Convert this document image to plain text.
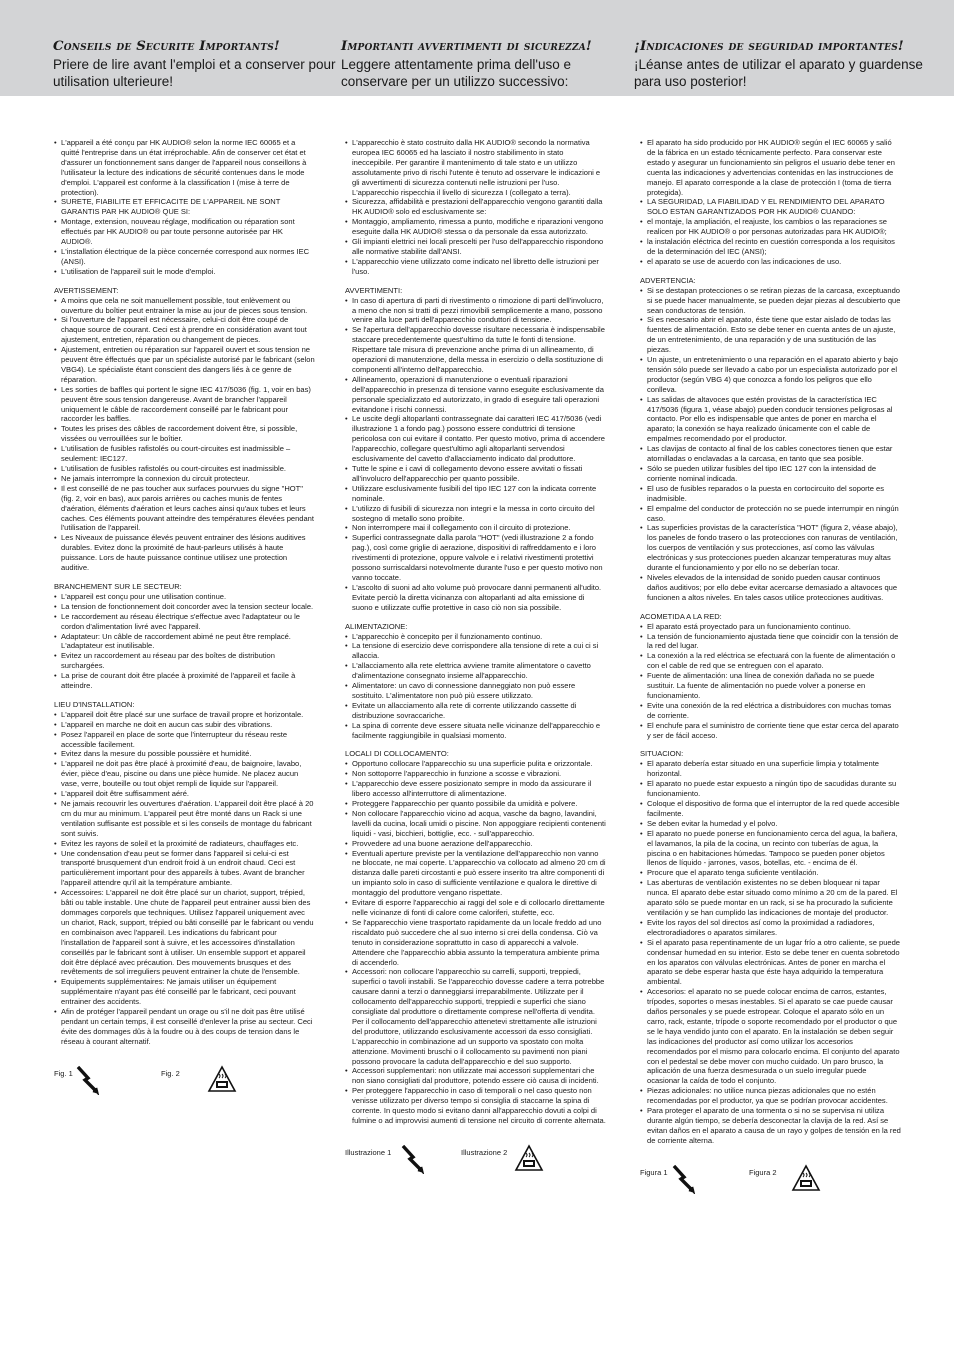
Conseils de Securite Importants!
Priere de lire avant l'emploi et a conserver pour utilisation ulterieure!
Importanti avvertimenti di sicurezza!
Leggere attentamente prima dell'uso e conservare per un utilizzo successivo:
¡Indicaciones de seguridad importantes!
¡Léanse antes de utilizar el aparato y guardense para uso posterior!
• L'appareil a été conçu par HK AUDIO® selon la norme IEC 60065 et a quitté l'entreprise dans un état irréprochable. Afin de conserver cet état et d'assurer un fonctionnement sans danger de l'appareil nous conseillons à l'utilisateur la lecture des indications de sécurité contenues dans le mode d'emploi. L'appareil est conforme à la classification I (mise à terre de protection).
• SURETE, FIABILITE ET EFFICACITE DE L'APPAREIL NE SONT GARANTIS PAR HK AUDIO® QUE SI:
• Montage, extension, nouveau réglage, modification ou réparation sont effectués par HK AUDIO® ou par toute personne autorisée par HK AUDIO®.
• L'installation électrique de la pièce concernée correspond aux normes IEC (ANSI).
• L'utilisation de l'appareil suit le mode d'emploi.
AVERTISSEMENT:
• A moins que cela ne soit manuellement possible, tout enlèvement ou ouverture du boîtier peut entrainer la mise au jour de pieces sous tension.
• Si l'ouverture de l'appareil est nécessaire, celui-ci doit être coupé de chaque source de courant. Ceci est à prendre en considération avant tout ajustement, entretien, réparation ou changement de pieces.
• Ajustement, entretien ou réparation sur l'appareil ouvert et sous tension ne peuvent être éffectués que par un spécialiste autorisé par le fabricant (selon VBG4). Le spécialiste étant conscient des dangers liés à ce genre de réparation.
• Les sorties de baffles qui portent le signe IEC 417/5036 (fig. 1, voir en bas) peuvent être sous tension dangereuse. Avant de brancher l'appareil uniquement le câble de raccordement conseillé par le fabricant pour raccorder les baffles.
• Toutes les prises des câbles de raccordement doivent être, si possible, vissées ou verrouillées sur le boîtier.
• L'utilisation de fusibles rafistolés ou court-circuites est inadmissible – seulement: IEC127.
• L'utilisation de fusibles rafistolés ou court-circuites est inadmissible.
• Ne jamais interrompre la connexion du circuit protecteur.
• Il est conseillé de ne pas toucher aux surfaces pourvues du signe "HOT" (fig. 2, voir en bas), aux parois arrières ou caches munis de fentes d'aération, éléments d'aération et leurs caches ainsi qu'aux tubes et leurs caches. Ces éléments pouvant atteindre des températures élevées pendant l'utilisation de l'appareil.
• Les Niveaux de puissance élevés peuvent entrainer des lésions auditives durables. Evitez donc la proximité de haut-parleurs utilisés à haute puissance. Lors de haute puissance continue utilisez une protection auditive.
BRANCHEMENT SUR LE SECTEUR:
• L'appareil est conçu pour une utilisation continue.
• La tension de fonctionnement doit concorder avec la tension secteur locale.
• Le raccordement au réseau électrique s'effectue avec l'adaptateur ou le cordon d'alimentation livré avec l'appareil.
• Adaptateur: Un câble de raccordement abimé ne peut être remplacé. L'adaptateur est inutilisable.
• Evitez un raccordement au réseau par des boîtes de distribution surchargées.
• La prise de courant doit être placée à proximité de l'appareil et facile à atteindre.
LIEU D'INSTALLATION:
• L'appareil doit être placé sur une surface de travail propre et horizontale.
• L'appareil en marche ne doit en aucun cas subir des vibrations.
• Posez l'appareil en place de sorte que l'interrupteur du réseau reste accessible facilement.
• Evitez dans la mesure du possible poussière et humidité.
• L'appareil ne doit pas être placé à proximité d'eau, de baignoire, lavabo, évier, pièce d'eau, piscine ou dans une pièce humide. Ne placez aucun vase, verre, bouteille ou tout objet rempli de liquide sur l'appareil.
• L'appareil doit être suffisamment aéré.
• Ne jamais recouvrir les ouvertures d'aération. L'appareil doit être placé à 20 cm du mur au minimum. L'appareil peut être monté dans un Rack si une ventilation suffisante est possible et si les conseils de montage du fabricant sont suivis.
• Evitez les rayons de soleil et la proximité de radiateurs, chauffages etc.
• Une condensation d'eau peut se former dans l'appareil si celui-ci est transporté brusquement d'un endroit froid à un endroit chaud. Ceci est particulièrement important pour des appareils à tubes. Avant de brancher l'appareil attendre qu'il ait la température ambiante.
• Accessoires: L'appareil ne doit être placé sur un chariot, support, trépied, bâti ou table instable. Une chute de l'appareil peut entrainer aussi bien des dommages corporels que techniques. Utilisez l'appareil uniquement avec un chariot, Rack, support, trépied ou bâti conseillé par le fabricant ou vendu en combinaison avec l'appareil. Les indications du fabricant pour l'installation de l'appareil sont à suivre, et les accessoires d'installation conseillés par le fabricant sont à utiliser. Un ensemble support et appareil doit être déplacé avec précaution. Des mouvements brusques et des revêtements de sol irreguliers peuvent entrainer la chute de l'ensemble.
• Equipements supplémentaires: Ne jamais utiliser un équipement supplémentaire n'ayant pas été conseillé par le fabricant, ceci pouvant entrainer des accidents.
• Afin de protéger l'appareil pendant un orage ou s'il ne doit pas être utilisé pendant un certain temps, il est conseillé d'enlever la prise au secteur. Ceci évite des dommages dûs à la foudre ou à des coups de tension dans le réseau à courant alternatif.
Fig. 1	Fig. 2
• L'apparecchio è stato costruito dalla HK AUDIO® secondo la normativa europea IEC 60065 ed ha lasciato il nostro stabilimento in stato ineccepibile. Per garantire il mantenimento di tale stato e un utilizzo assolutamente privo di rischi l'utente è tenuto ad osservare le indicazioni e gli avvertimenti di sicurezza contenuti nelle istruzioni per l'uso. L'apparecchio rispecchia il livello di sicurezza I (collegato a terra).
• Sicurezza, affidabilità e prestazioni dell'apparecchio vengono garantiti dalla HK AUDIO® solo ed esclusivamente se:
• Montaggio, ampliamento, rimessa a punto, modifiche e riparazioni vengono eseguite dalla HK AUDIO® stessa o da personale da essa autorizzato.
• Gli impianti elettrici nei locali prescelti per l'uso dell'apparecchio rispondono alle normative stabilite dall'ANSI.
• L'apparecchio viene utilizzato come indicato nel libretto delle istruzioni per l'uso.
AVVERTIMENTI:
• In caso di apertura di parti di rivestimento o rimozione di parti dell'involucro, a meno che non si tratti di pezzi rimovibili semplicemente a mano, possono venire alla luce parti dell'apparecchio conduttori di tensione.
• Se l'apertura dell'apparecchio dovesse risultare necessaria è indispensabile staccare precedentemente quest'ultimo da tutte le fonti di tensione. Rispettare tale misura di prevenzione anche prima di un allineamento, di operazioni di manutenzione, della messa in esercizio o della sostituzione di componenti all'interno dell'apparecchio.
• Allineamento, operazioni di manutenzione o eventuali riparazioni dell'apparecchio in presenza di tensione vanno eseguite esclusivamente da personale specializzato ed autorizzato, in grado di eseguire tali operazioni evitandone i rischi connessi.
• Le uscite degli altoparlanti contrassegnate dai caratteri IEC 417/5036 (vedi illustrazione 1 a fondo pag.) possono essere conduttrici di tensione pericolosa con cui evitare il contatto. Per questo motivo, prima di accendere l'apparecchio, collegare quest'ultimo agli altoparlanti servendosi esclusivamente del cavetto d'allacciamento indicato dal produttore.
• Tutte le spine e i cavi di collegamento devono essere avvitati o fissati all'involucro dell'apparecchio per quanto possibile.
• Utilizzare esclusivamente fusibili del tipo IEC 127 con la indicata corrente nominale.
• L'utilizzo di fusibili di sicurezza non integri e la messa in corto circuito del sostegno di metallo sono proibite.
• Non interrompere mai il collegamento con il circuito di protezione.
• Superfici contrassegnate dalla parola "HOT" (vedi illustrazione 2 a fondo pag.), così come griglie di aerazione, dispositivi di raffreddamento e i loro rivestimenti di protezione, oppure valvole e i relativi rivestimenti protettivi possono surriscaldarsi notevolmente durante l'uso e per questo motivo non vanno toccate.
• L'ascolto di suoni ad alto volume può provocare danni permanenti all'udito. Evitate perciò la diretta vicinanza con altoparlanti ad alta emissione di suono e utilizzate cuffie protettive in caso ciò non sia possibile.
ALIMENTAZIONE:
• L'apparecchio è concepito per il funzionamento continuo.
• La tensione di esercizio deve corrispondere alla tensione di rete a cui ci si allaccia.
• L'allacciamento alla rete elettrica avviene tramite alimentatore o cavetto d'alimentazione consegnato insieme all'apparecchio.
• Alimentatore: un cavo di connessione danneggiato non può essere sostituito. L'alimentatore non può più essere utilizzato.
• Evitate un allacciamento alla rete di corrente utilizzando cassette di distribuzione sovraccariche.
• La spina di corrente deve essere situata nelle vicinanze dell'apparecchio e facilmente raggiungibile in qualsiasi momento.
LOCALI DI COLLOCAMENTO:
• Opportuno collocare l'apparecchio su una superficie pulita e orizzontale.
• Non sottoporre l'apparecchio in funzione a scosse e vibrazioni.
• L'apparecchio deve essere posizionato sempre in modo da assicurare il libero accesso all'interruttore di alimentazione.
• Proteggere l'apparecchio per quanto possibile da umidità e polvere.
• Non collocare l'apparecchio vicino ad acqua, vasche da bagno, lavandini, lavelli da cucina, locali umidi o piscine. Non appoggiare recipienti contenenti liquidi - vasi, bicchieri, bottiglie, ecc. - sull'apparecchio.
• Provvedere ad una buone aerazione dell'apparecchio.
• Eventuali aperture previste per la ventilazione dell'apparecchio non vanno ne bloccate, ne mai coperte. L'apparecchio va collocato ad almeno 20 cm di distanza dalle pareti circostanti e può essere inserito tra altre componenti di un impianto solo in caso di sufficiente ventilazione e qualora le direttive di montaggio del produttore vengano rispettate.
• Evitare di esporre l'apparecchio ai raggi del sole e di collocarlo direttamente nelle vicinanze di fonti di calore come caloriferi, stufette, ecc.
• Se l'apparecchio viene trasportato rapidamente da un locale freddo ad uno riscaldato può succedere che al suo interno si crei della condensa. Ciò va tenuto in considerazione soprattutto in caso di apparecchi a valvole. Attendere che l'apparecchio abbia assunto la temperatura ambiente prima di accenderlo.
• Accessori: non collocare l'apparecchio su carrelli, supporti, treppiedi, superfici o tavoli instabili. Se l'apparecchio dovesse cadere a terra potrebbe causare danni a terzi o danneggiarsi irreparabilmente. Utilizzate per il collocamento dell'apparecchio supporti, treppiedi e superfici che siano consigliate dal produttore o direttamente comprese nell'offerta di vendita. Per il collocamento dell'apparecchio attenetevi strettamente alle istruzioni del produttore, utilizzando esclusivamente accessori da esso consigliati. L'apparecchio in combinazione ad un supporto va spostato con molta attenzione. Movimenti bruschi o il collocamento su pavimenti non piani possono provocare la caduta dell'apparecchio e del suo supporto.
• Accessori supplementari: non utilizzate mai accessori supplementari che non siano consigliati dal produttore, potendo essere ciò causa di incidenti.
• Per proteggere l'apparecchio in caso di temporali o nel caso questo non venisse utilizzato per diverso tempo si consiglia di staccarne la spina di corrente. In questo modo si evitano danni all'apparecchio dovuti a colpi di fulmine o ad improvvisi aumenti di tensione nel circuito di corrente alternata.
Illustrazione 1	Illustrazione 2
• El aparato ha sido producido por HK AUDIO® según el IEC 60065 y salió de la fábrica en un estado técnicamente perfecto. Para conservar este estado y asegurar un funcionamiento sin peligros el usuario debe tener en cuenta las indicaciones y advertencias contenidas en las instrucciones de manejo. El aparato corresponde a la clase de protección I (toma de tierra protegida).
• LA SEGURIDAD, LA FIABILIDAD Y EL RENDIMIENTO DEL APARATO SOLO ESTAN GARANTIZADOS POR HK AUDIO® CUANDO:
• el montaje, la ampliación, el reajuste, los cambios o las reparaciones se realicen por HK AUDIO® o por personas autorizadas para HK AUDIO®;
• la instalación eléctrica del recinto en cuestión corresponda a los requisitos de la determinación del IEC (ANSI);
• el aparato se use de acuerdo con las indicaciones de uso.
ADVERTENCIA:
• Si se destapan protecciones o se retiran piezas de la carcasa, exceptuando si se puede hacer manualmente, se pueden dejar piezas al descubierto que sean conductoras de tensión.
• Si es necesario abrir el aparato, éste tiene que estar aislado de todas las fuentes de alimentación. Esto se debe tener en cuenta antes de un ajuste, de un entretenimiento, de una reparación y de una sustitución de las piezas.
• Un ajuste, un entretenimiento o una reparación en el aparato abierto y bajo tensión sólo puede ser llevado a cabo por un especialista autorizado por el productor (según VBG 4) que conozca a fondo los peligros que ello conlleva.
• Las salidas de altavoces que estén provistas de la característica IEC 417/5036 (figura 1, véase abajo) pueden conducir tensiones peligrosas al contacto. Por ello es indispensable que antes de poner en marcha el aparato; la conexión se haya realizado únicamente con el cable de empalmes recomendado por el productor.
• Las clavijas de contacto al final de los cables conectores tienen que estar atornilladas o enclavadas a la carcasa, en tanto que sea posible.
• Sólo se pueden utilizar fusibles del tipo IEC 127 con la intensidad de corriente nominal indicada.
• El uso de fusibles reparados o la puesta en cortocircuito del soporte es inadmisible.
• El empalme del conductor de protección no se puede interrumpir en ningún caso.
• Las superficies provistas de la característica "HOT" (figura 2, véase abajo), los paneles de fondo trasero o las protecciones con ranuras de ventilación, los cuerpos de ventilación y sus protecciones, así como las válvulas electrónicas y sus protecciones pueden alcanzar temperaturas muy altas durante el funcionamiento y por ello no se deberían tocar.
• Niveles elevados de la intensidad de sonido pueden causar continuos daños auditivos; por ello debe evitar acercarse demasiado a altavoces que funcionen a altos niveles. En tales casos utilice protecciones auditivas.
ACOMETIDA A LA RED:
• El aparato está proyectado para un funcionamiento continuo.
• La tensión de funcionamiento ajustada tiene que coincidir con la tensión de la red del lugar.
• La conexión a la red eléctrica se efectuará con la fuente de alimentación o con el cable de red que se entreguen con el aparato.
• Fuente de alimentación: una línea de conexión dañada no se puede sustituir. La fuente de alimentación no puede volver a ponerse en funcionamiento.
• Evite una conexión de la red eléctrica a distribuidores con muchas tomas de corriente.
• El enchufe para el suministro de corriente tiene que estar cerca del aparato y ser de fácil acceso.
SITUACION:
• El aparato debería estar situado en una superficie limpia y totalmente horizontal.
• El aparato no puede estar expuesto a ningún tipo de sacudidas durante su funcionamiento.
• Coloque el dispositivo de forma que el interruptor de la red quede accesible facilmente.
• Se deben evitar la humedad y el polvo.
• El aparato no puede ponerse en funcionamiento cerca del agua, la bañera, el lavamanos, la pila de la cocina, un recinto con tuberías de agua, la piscina o en habitaciones húmedas. Tampoco se pueden poner objetos llenos de líquido - jarrones, vasos, botellas, etc. - encima de él.
• Procure que el aparato tenga suficiente ventilación.
• Las aberturas de ventilación existentes no se deben bloquear ni tapar nunca. El aparato debe estar situado como mínimo a 20 cm de la pared. El aparato sólo se puede montar en un rack, si se ha procurado la suficiente ventilación y se han cumplido las indicaciones de montaje del productor.
• Evite los rayos del sol directos así como la proximidad a radiadores, electroradiadores o aparatos similares.
• Si el aparato pasa repentinamente de un lugar frío a otro caliente, se puede condensar humedad en su interior. Esto se debe tener en cuenta sobretodo en los aparatos con válvulas electrónicas. Antes de poner en marcha el aparato se debe esperar hasta que éste haya adquirido la temperatura ambiental.
• Accesorios: el aparato no se puede colocar encima de carros, estantes, trípodes, soportes o mesas inestables. Si el aparato se cae puede causar daños personales y se puede estropear. Coloque el aparato sólo en un carro, rack, estante, trípode o soporte recomendado por el productor o que se le haya vendido junto con el aparato. En la instalación se deben seguir las indicaciones del productor así como utilizar los accesorios recomendados por el mismo para colocarlo encima. El conjunto del aparato con el pedestal se debe mover con mucho cuidado. Un paro brusco, la aplicación de una fuerza desmesurada o un suelo irregular puede ocasionar la caída de todo el conjunto.
• Piezas adicionales: no utilice nunca piezas adicionales que no estén recomendadas por el productor, ya que se podrían provocar accidentes.
• Para proteger el aparato de una tormenta o si no se supervisa ni utiliza durante algún tiempo, se debería desconectar la clavija de la red. Así se evitan daños en el aparato a causa de un rayo y golpes de tensión en la red de corriente alterna.
Figura 1	Figura 2
